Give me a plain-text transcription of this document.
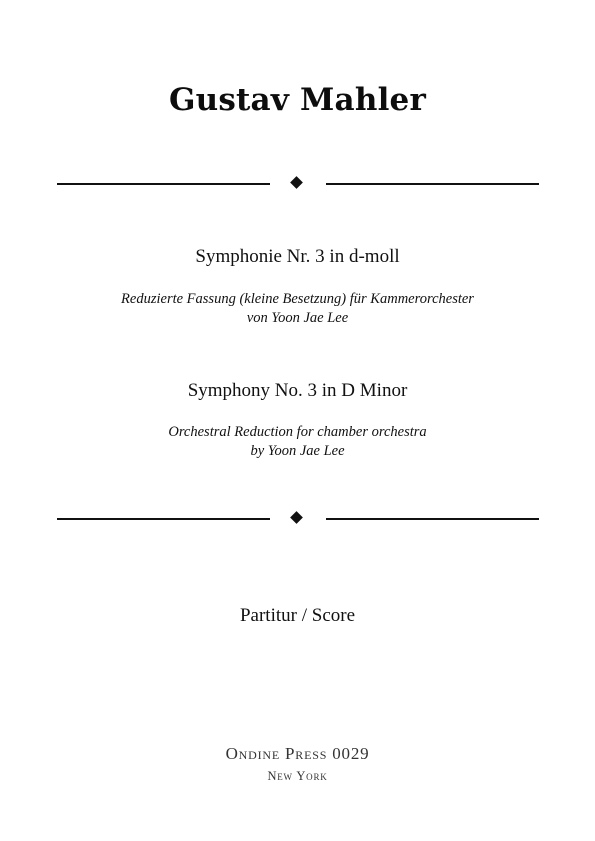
Gustav Mahler
Symphonie Nr. 3 in d-moll
Reduzierte Fassung (kleine Besetzung) für Kammerorchester
von Yoon Jae Lee
Symphony No. 3 in D Minor
Orchestral Reduction for chamber orchestra
by Yoon Jae Lee
Partitur / Score
Ondine Press 0029
New York
